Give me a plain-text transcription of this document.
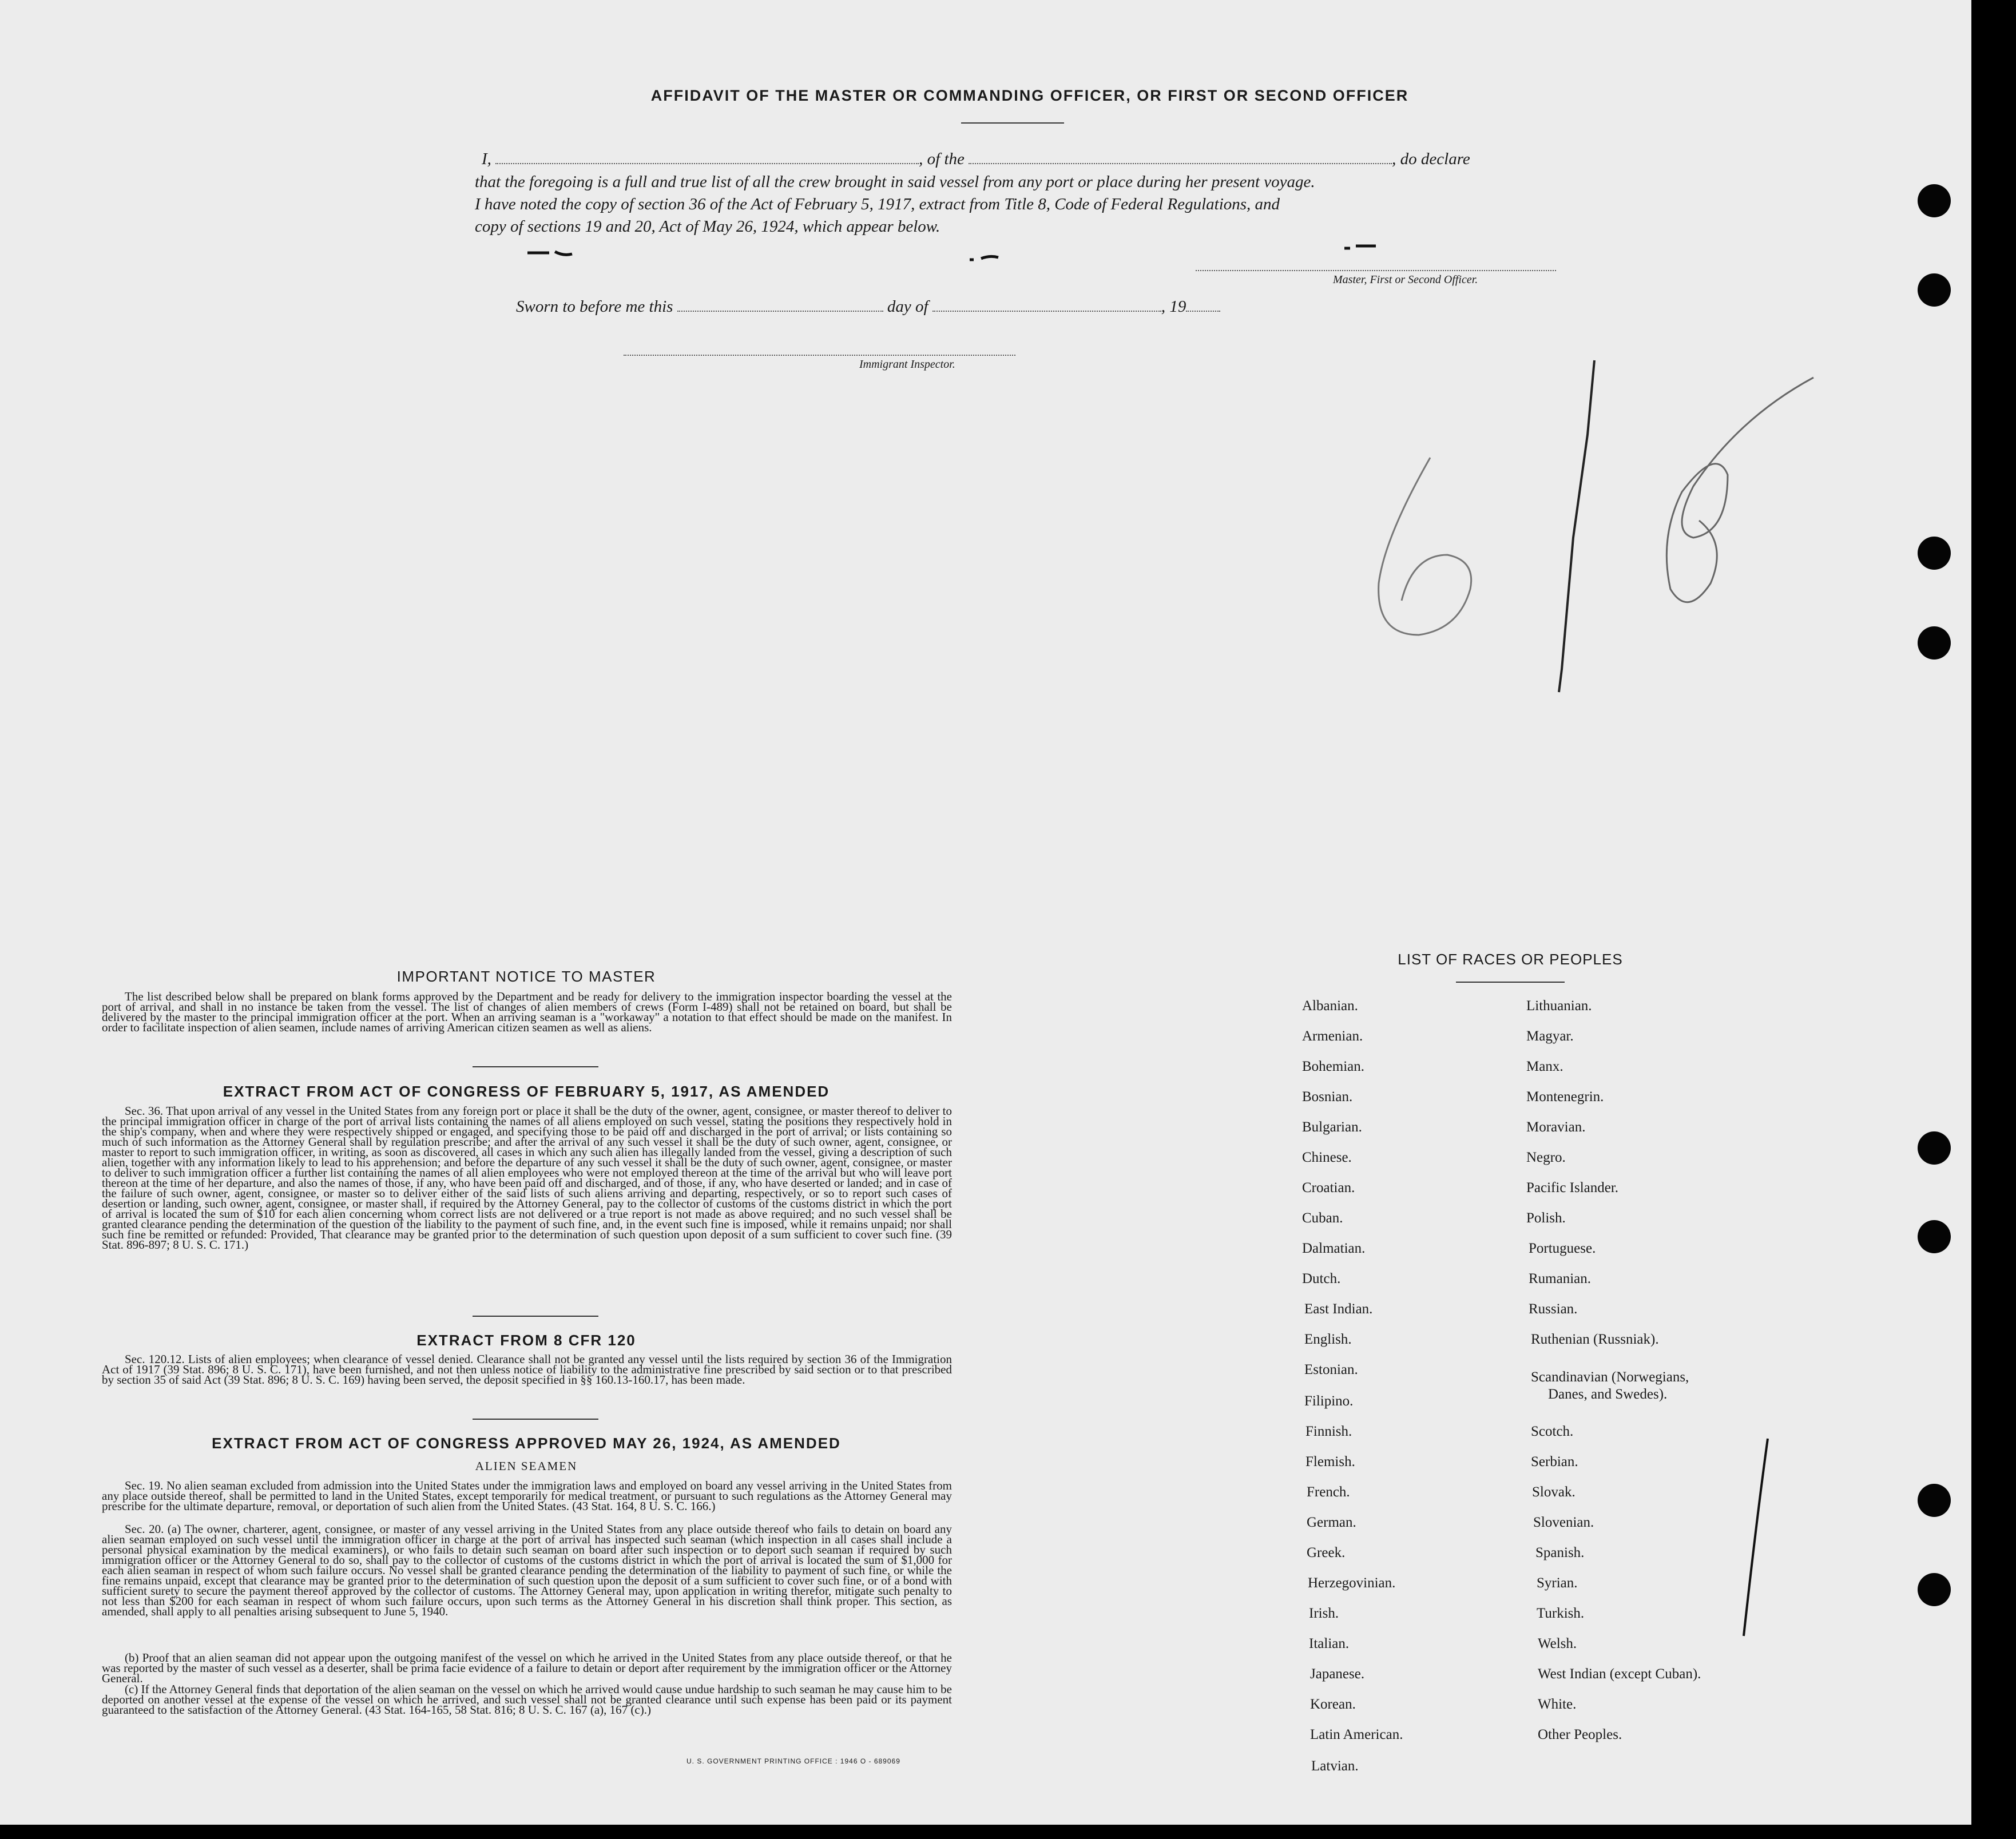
AFFIDAVIT OF THE MASTER OR COMMANDING OFFICER, OR FIRST OR SECOND OFFICER
I,	, of the	, do declare
that the foregoing is a full and true list of all the crew brought in said vessel from any port or place during her present voyage.
I have noted the copy of section 36 of the Act of February 5, 1917, extract from Title 8, Code of Federal Regulations, and
copy of sections 19 and 20, Act of May 26, 1924, which appear below.
Master, First or Second Officer.
Sworn to before me this	day of	, 19
Immigrant Inspector.
IMPORTANT NOTICE TO MASTER
The list described below shall be prepared on blank forms approved by the Department and be ready for delivery to the immigration inspector boarding the vessel at the port of arrival, and shall in no instance be taken from the vessel. The list of changes of alien members of crews (Form I-489) shall not be retained on board, but shall be delivered by the master to the principal immigration officer at the port. When an arriving seaman is a "workaway" a notation to that effect should be made on the manifest. In order to facilitate inspection of alien seamen, include names of arriving American citizen seamen as well as aliens.
EXTRACT FROM ACT OF CONGRESS OF FEBRUARY 5, 1917, AS AMENDED
Sec. 36. That upon arrival of any vessel in the United States from any foreign port or place it shall be the duty of the owner, agent, consignee, or master thereof to deliver to the principal immigration officer in charge of the port of arrival lists containing the names of all aliens employed on such vessel, stating the positions they respectively hold in the ship's company, when and where they were respectively shipped or engaged, and specifying those to be paid off and discharged in the port of arrival; or lists containing so much of such information as the Attorney General shall by regulation prescribe; and after the arrival of any such vessel it shall be the duty of such owner, agent, consignee, or master to report to such immigration officer, in writing, as soon as discovered, all cases in which any such alien has illegally landed from the vessel, giving a description of such alien, together with any information likely to lead to his apprehension; and before the departure of any such vessel it shall be the duty of such owner, agent, consignee, or master to deliver to such immigration officer a further list containing the names of all alien employees who were not employed thereon at the time of the arrival but who will leave port thereon at the time of her departure, and also the names of those, if any, who have been paid off and discharged, and of those, if any, who have deserted or landed; and in case of the failure of such owner, agent, consignee, or master so to deliver either of the said lists of such aliens arriving and departing, respectively, or so to report such cases of desertion or landing, such owner, agent, consignee, or master shall, if required by the Attorney General, pay to the collector of customs of the customs district in which the port of arrival is located the sum of $10 for each alien concerning whom correct lists are not delivered or a true report is not made as above required; and no such vessel shall be granted clearance pending the determination of the question of the liability to the payment of such fine, and, in the event such fine is imposed, while it remains unpaid; nor shall such fine be remitted or refunded: Provided, That clearance may be granted prior to the determination of such question upon deposit of a sum sufficient to cover such fine. (39 Stat. 896-897; 8 U. S. C. 171.)
EXTRACT FROM 8 CFR 120
Sec. 120.12. Lists of alien employees; when clearance of vessel denied. Clearance shall not be granted any vessel until the lists required by section 36 of the Immigration Act of 1917 (39 Stat. 896; 8 U. S. C. 171), have been furnished, and not then unless notice of liability to the administrative fine prescribed by said section or to that prescribed by section 35 of said Act (39 Stat. 896; 8 U. S. C. 169) having been served, the deposit specified in §§ 160.13-160.17, has been made.
EXTRACT FROM ACT OF CONGRESS APPROVED MAY 26, 1924, AS AMENDED
ALIEN SEAMEN
Sec. 19. No alien seaman excluded from admission into the United States under the immigration laws and employed on board any vessel arriving in the United States from any place outside thereof, shall be permitted to land in the United States, except temporarily for medical treatment, or pursuant to such regulations as the Attorney General may prescribe for the ultimate departure, removal, or deportation of such alien from the United States. (43 Stat. 164, 8 U. S. C. 166.)
Sec. 20. (a) The owner, charterer, agent, consignee, or master of any vessel arriving in the United States from any place outside thereof who fails to detain on board any alien seaman employed on such vessel until the immigration officer in charge at the port of arrival has inspected such seaman (which inspection in all cases shall include a personal physical examination by the medical examiners), or who fails to detain such seaman on board after such inspection or to deport such seaman if required by such immigration officer or the Attorney General to do so, shall pay to the collector of customs of the customs district in which the port of arrival is located the sum of $1,000 for each alien seaman in respect of whom such failure occurs. No vessel shall be granted clearance pending the determination of the liability to payment of such fine, or while the fine remains unpaid, except that clearance may be granted prior to the determination of such question upon the deposit of a sum sufficient to cover such fine, or of a bond with sufficient surety to secure the payment thereof approved by the collector of customs. The Attorney General may, upon application in writing therefor, mitigate such penalty to not less than $200 for each seaman in respect of whom such failure occurs, upon such terms as the Attorney General in his discretion shall think proper. This section, as amended, shall apply to all penalties arising subsequent to June 5, 1940.
(b) Proof that an alien seaman did not appear upon the outgoing manifest of the vessel on which he arrived in the United States from any place outside thereof, or that he was reported by the master of such vessel as a deserter, shall be prima facie evidence of a failure to detain or deport after requirement by the immigration officer or the Attorney General.
(c) If the Attorney General finds that deportation of the alien seaman on the vessel on which he arrived would cause undue hardship to such seaman he may cause him to be deported on another vessel at the expense of the vessel on which he arrived, and such vessel shall not be granted clearance until such expense has been paid or its payment guaranteed to the satisfaction of the Attorney General. (43 Stat. 164-165, 58 Stat. 816; 8 U. S. C. 167 (a), 167 (c).)
U. S. GOVERNMENT PRINTING OFFICE : 1946 O - 689069
LIST OF RACES OR PEOPLES
Albanian.
Armenian.
Bohemian.
Bosnian.
Bulgarian.
Chinese.
Croatian.
Cuban.
Dalmatian.
Dutch.
East Indian.
English.
Estonian.
Filipino.
Finnish.
Flemish.
French.
German.
Greek.
Herzegovinian.
Irish.
Italian.
Japanese.
Korean.
Latin American.
Latvian.
Lithuanian.
Magyar.
Manx.
Montenegrin.
Moravian.
Negro.
Pacific Islander.
Polish.
Portuguese.
Rumanian.
Russian.
Ruthenian (Russniak).
Scandinavian (Norwegians,
Danes, and Swedes).
Scotch.
Serbian.
Slovak.
Slovenian.
Spanish.
Syrian.
Turkish.
Welsh.
West Indian (except Cuban).
White.
Other Peoples.
